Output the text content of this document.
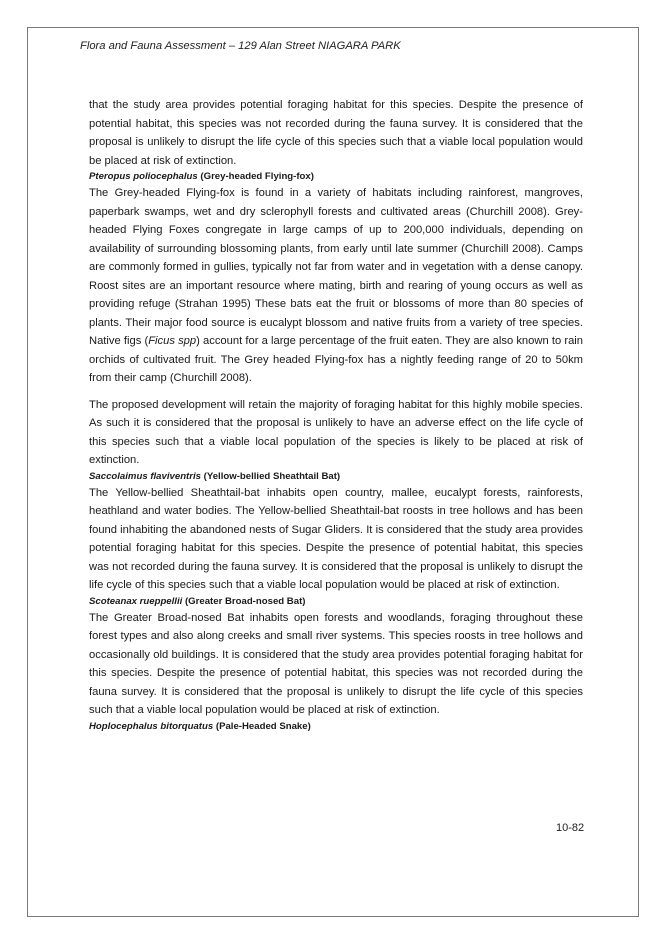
Flora and Fauna Assessment – 129 Alan Street NIAGARA PARK

that the study area provides potential foraging habitat for this species. Despite the presence of potential habitat, this species was not recorded during the fauna survey. It is considered that the proposal is unlikely to disrupt the life cycle of this species such that a viable local population would be placed at risk of extinction.

Pteropus poliocephalus (Grey-headed Flying-fox)

The Grey-headed Flying-fox is found in a variety of habitats including rainforest, mangroves, paperbark swamps, wet and dry sclerophyll forests and cultivated areas (Churchill 2008). Grey-headed Flying Foxes congregate in large camps of up to 200,000 individuals, depending on availability of surrounding blossoming plants, from early until late summer (Churchill 2008). Camps are commonly formed in gullies, typically not far from water and in vegetation with a dense canopy. Roost sites are an important resource where mating, birth and rearing of young occurs as well as providing refuge (Strahan 1995) These bats eat the fruit or blossoms of more than 80 species of plants. Their major food source is eucalypt blossom and native fruits from a variety of tree species. Native figs (Ficus spp) account for a large percentage of the fruit eaten. They are also known to rain orchids of cultivated fruit. The Grey headed Flying-fox has a nightly feeding range of 20 to 50km from their camp (Churchill 2008).

The proposed development will retain the majority of foraging habitat for this highly mobile species. As such it is considered that the proposal is unlikely to have an adverse effect on the life cycle of this species such that a viable local population of the species is likely to be placed at risk of extinction.

Saccolaimus flaviventris (Yellow-bellied Sheathtail Bat)

The Yellow-bellied Sheathtail-bat inhabits open country, mallee, eucalypt forests, rainforests, heathland and water bodies. The Yellow-bellied Sheathtail-bat roosts in tree hollows and has been found inhabiting the abandoned nests of Sugar Gliders. It is considered that the study area provides potential foraging habitat for this species. Despite the presence of potential habitat, this species was not recorded during the fauna survey. It is considered that the proposal is unlikely to disrupt the life cycle of this species such that a viable local population would be placed at risk of extinction.

Scoteanax rueppellii (Greater Broad-nosed Bat)

The Greater Broad-nosed Bat inhabits open forests and woodlands, foraging throughout these forest types and also along creeks and small river systems. This species roosts in tree hollows and occasionally old buildings. It is considered that the study area provides potential foraging habitat for this species. Despite the presence of potential habitat, this species was not recorded during the fauna survey. It is considered that the proposal is unlikely to disrupt the life cycle of this species such that a viable local population would be placed at risk of extinction.

Hoplocephalus bitorquatus (Pale-Headed Snake)
10-82
